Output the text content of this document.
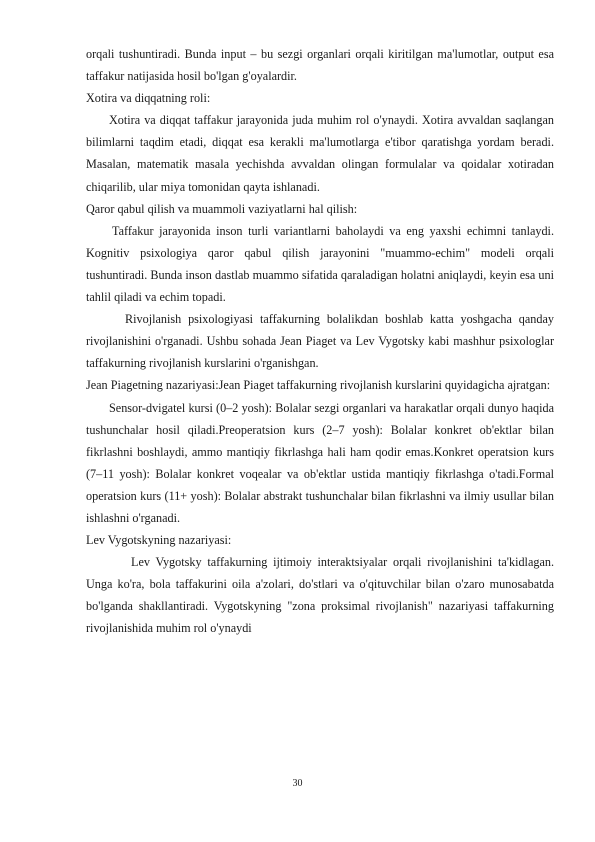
orqali tushuntiradi. Bunda input – bu sezgi organlari orqali kiritilgan ma'lumotlar, output esa taffakur natijasida hosil bo'lgan g'oyalardir.

Xotira va diqqatning roli:

Xotira va diqqat taffakur jarayonida juda muhim rol o'ynaydi. Xotira avvaldan saqlangan bilimlarni taqdim etadi, diqqat esa kerakli ma'lumotlarga e'tibor qaratishga yordam beradi. Masalan, matematik masala yechishda avvaldan olingan formulalar va qoidalar xotiradan chiqarilib, ular miya tomonidan qayta ishlanadi.

Qaror qabul qilish va muammoli vaziyatlarni hal qilish:

Taffakur jarayonida inson turli variantlarni baholaydi va eng yaxshi echimni tanlaydi. Kognitiv psixologiya qaror qabul qilish jarayonini "muammo-echim" modeli orqali tushuntiradi. Bunda inson dastlab muammo sifatida qaraladigan holatni aniqlaydi, keyin esa uni tahlil qiladi va echim topadi.

Rivojlanish psixologiyasi taffakurning bolalikdan boshlab katta yoshgacha qanday rivojlanishini o'rganadi. Ushbu sohada Jean Piaget va Lev Vygotsky kabi mashhur psixologlar taffakurning rivojlanish kurslarini o'rganishgan.

Jean Piagetning nazariyasi:Jean Piaget taffakurning rivojlanish kurslarini quyidagicha ajratgan:

Sensor-dvigatel kursi (0–2 yosh): Bolalar sezgi organlari va harakatlar orqali dunyo haqida tushunchalar hosil qiladi.Preoperatsion kurs (2–7 yosh): Bolalar konkret ob'ektlar bilan fikrlashni boshlaydi, ammo mantiqiy fikrlashga hali ham qodir emas.Konkret operatsion kurs (7–11 yosh): Bolalar konkret voqealar va ob'ektlar ustida mantiqiy fikrlashga o'tadi.Formal operatsion kurs (11+ yosh): Bolalar abstrakt tushunchalar bilan fikrlashni va ilmiy usullar bilan ishlashni o'rganadi.

Lev Vygotskyning nazariyasi:

Lev Vygotsky taffakurning ijtimoiy interaktsiyalar orqali rivojlanishini ta'kidlagan. Unga ko'ra, bola taffakurini oila a'zolari, do'stlari va o'qituvchilar bilan o'zaro munosabatda bo'lganda shakllantiradi. Vygotskyning "zona proksimal rivojlanish" nazariyasi taffakurning rivojlanishida muhim rol o'ynaydi

30
